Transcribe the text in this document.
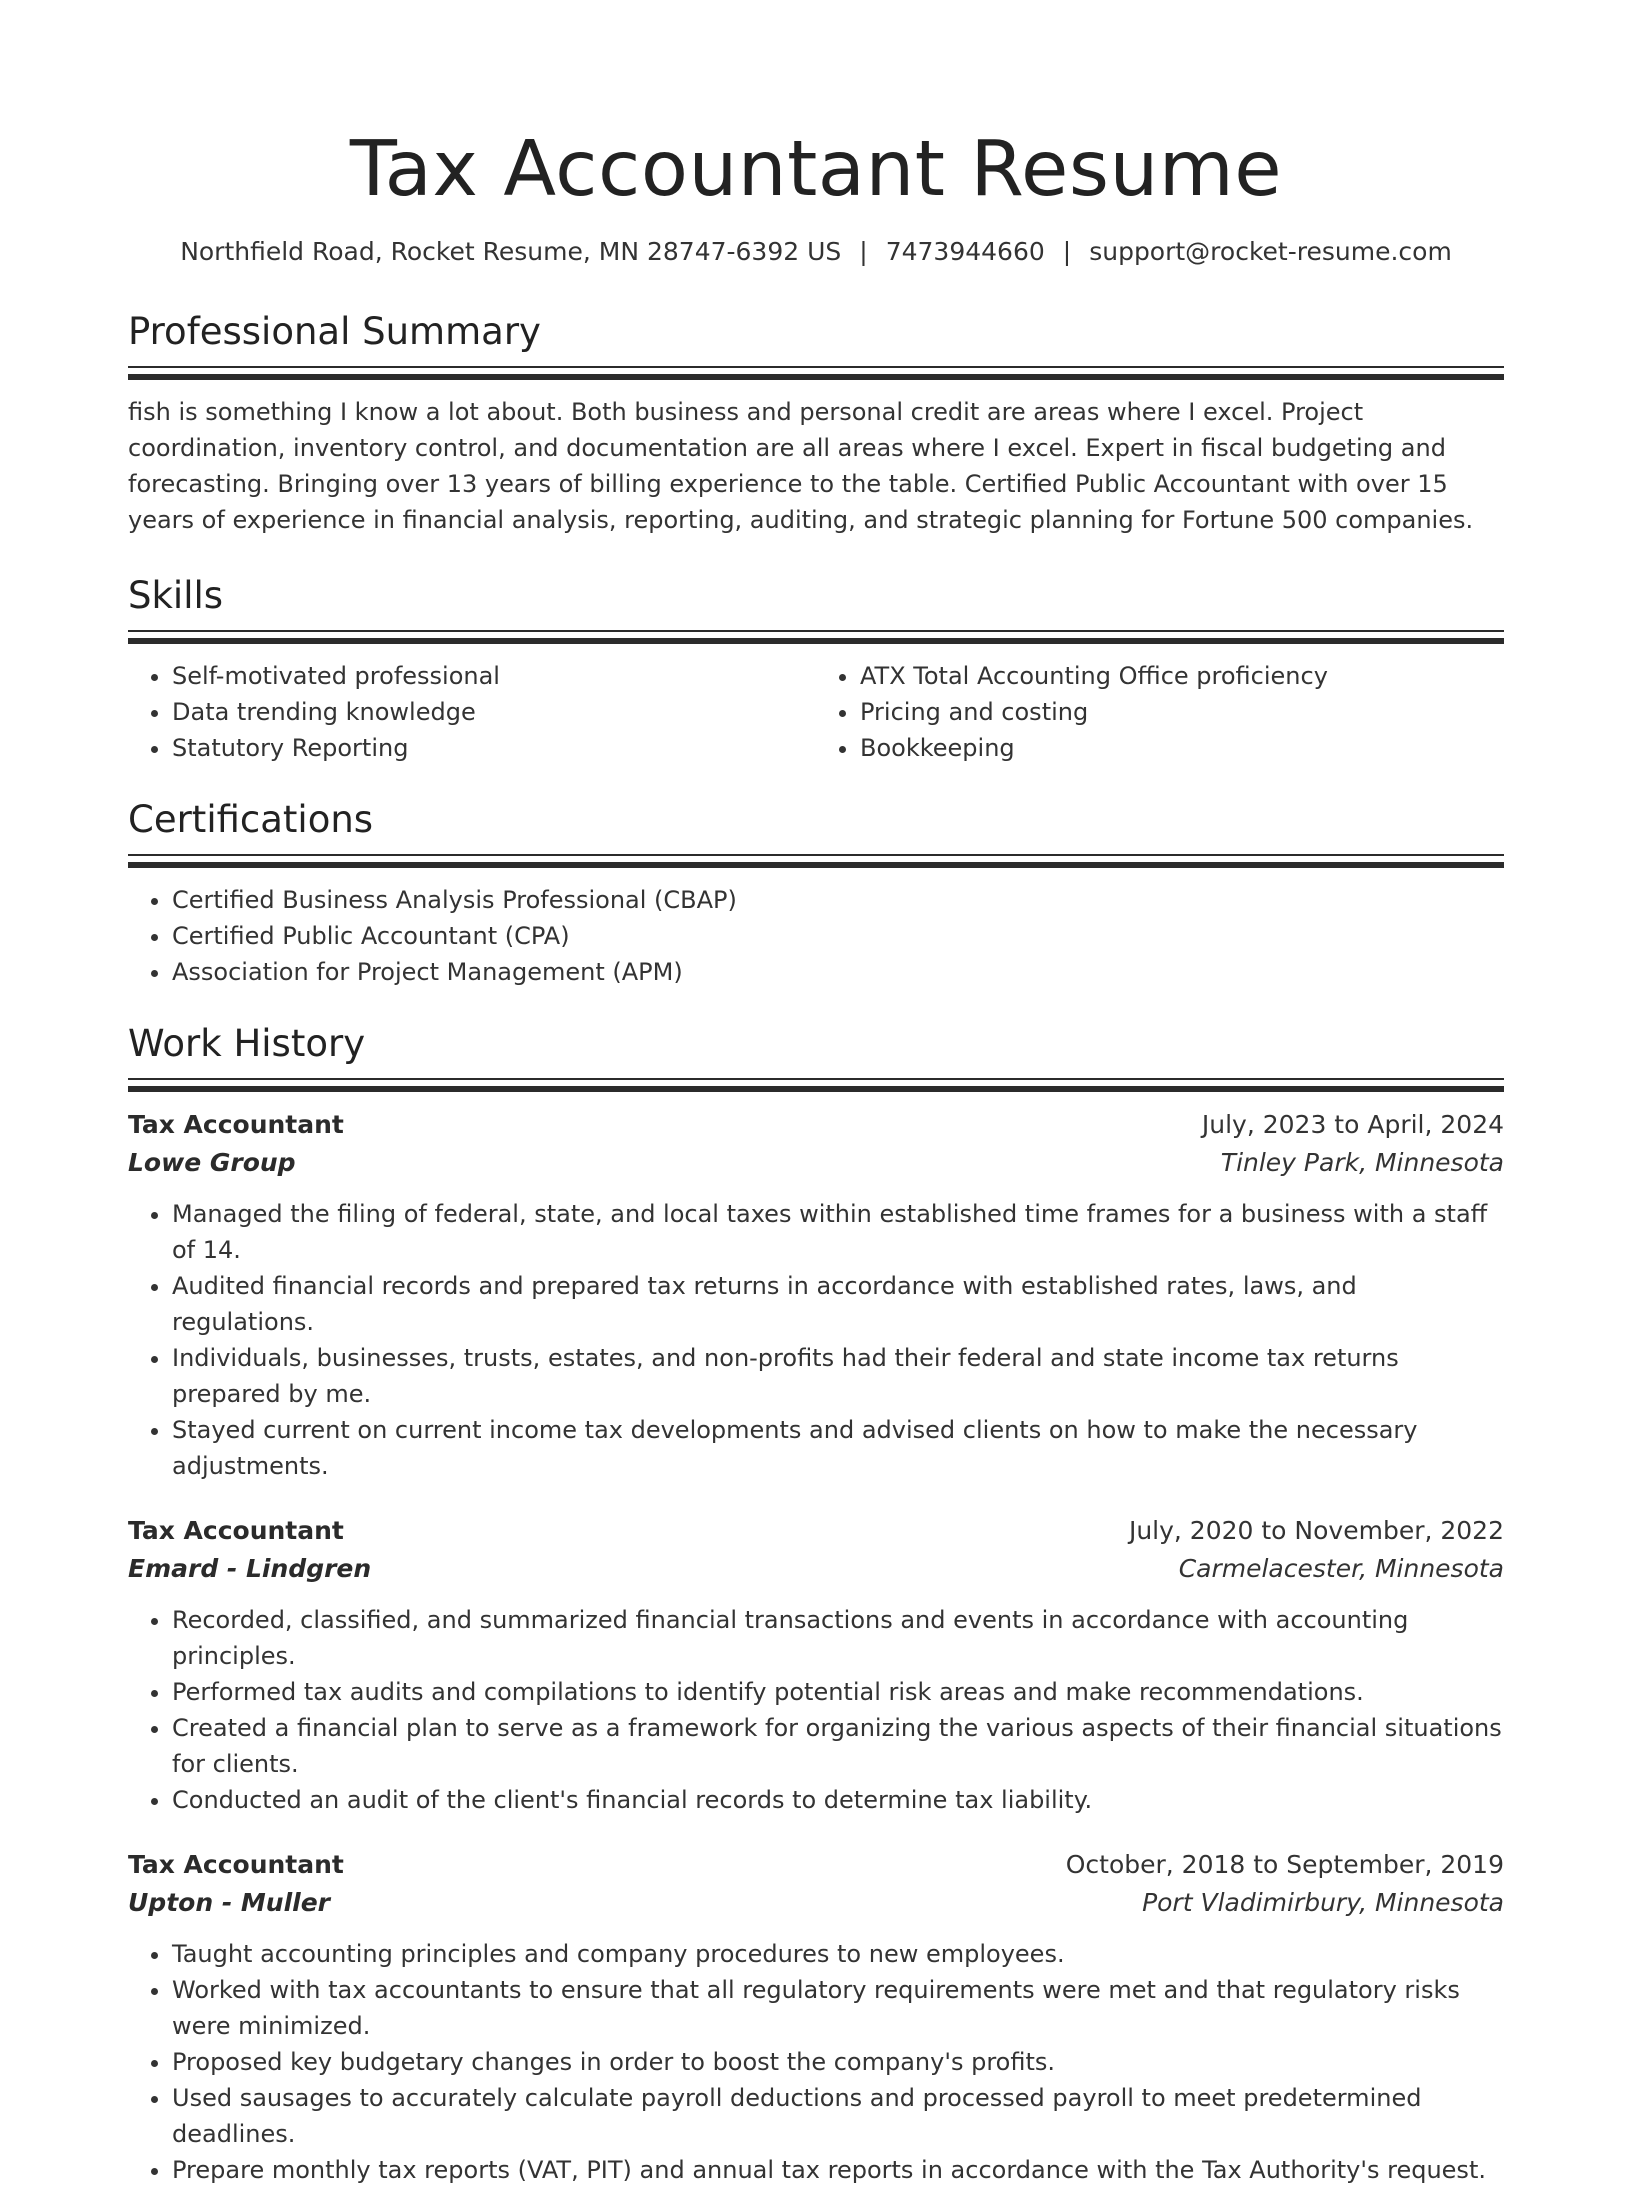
Tax Accountant Resume
Northfield Road, Rocket Resume, MN 28747-6392 US | 7473944660 | support@rocket-resume.com
Professional Summary

fish is something I know a lot about. Both business and personal credit are areas where I excel. Project coordination, inventory control, and documentation are all areas where I excel. Expert in fiscal budgeting and forecasting. Bringing over 13 years of billing experience to the table. Certified Public Accountant with over 15 years of experience in financial analysis, reporting, auditing, and strategic planning for Fortune 500 companies.

Skills
• Self-motivated professional
• Data trending knowledge
• Statutory Reporting
• ATX Total Accounting Office proficiency
• Pricing and costing
• Bookkeeping
Certifications
• Certified Business Analysis Professional (CBAP)
• Certified Public Accountant (CPA)
• Association for Project Management (APM)
Work History
Tax Accountant	July, 2023 to April, 2024
Lowe Group	Tinley Park, Minnesota
• Managed the filing of federal, state, and local taxes within established time frames for a business with a staff of 14.
• Audited financial records and prepared tax returns in accordance with established rates, laws, and regulations.
• Individuals, businesses, trusts, estates, and non-profits had their federal and state income tax returns prepared by me.
• Stayed current on current income tax developments and advised clients on how to make the necessary adjustments.
Tax Accountant	July, 2020 to November, 2022
Emard - Lindgren	Carmelacester, Minnesota
• Recorded, classified, and summarized financial transactions and events in accordance with accounting principles.
• Performed tax audits and compilations to identify potential risk areas and make recommendations.
• Created a financial plan to serve as a framework for organizing the various aspects of their financial situations for clients.
• Conducted an audit of the client's financial records to determine tax liability.
Tax Accountant	October, 2018 to September, 2019
Upton - Muller	Port Vladimirbury, Minnesota
• Taught accounting principles and company procedures to new employees.
• Worked with tax accountants to ensure that all regulatory requirements were met and that regulatory risks were minimized.
• Proposed key budgetary changes in order to boost the company's profits.
• Used sausages to accurately calculate payroll deductions and processed payroll to meet predetermined deadlines.
• Prepare monthly tax reports (VAT, PIT) and annual tax reports in accordance with the Tax Authority's request.
